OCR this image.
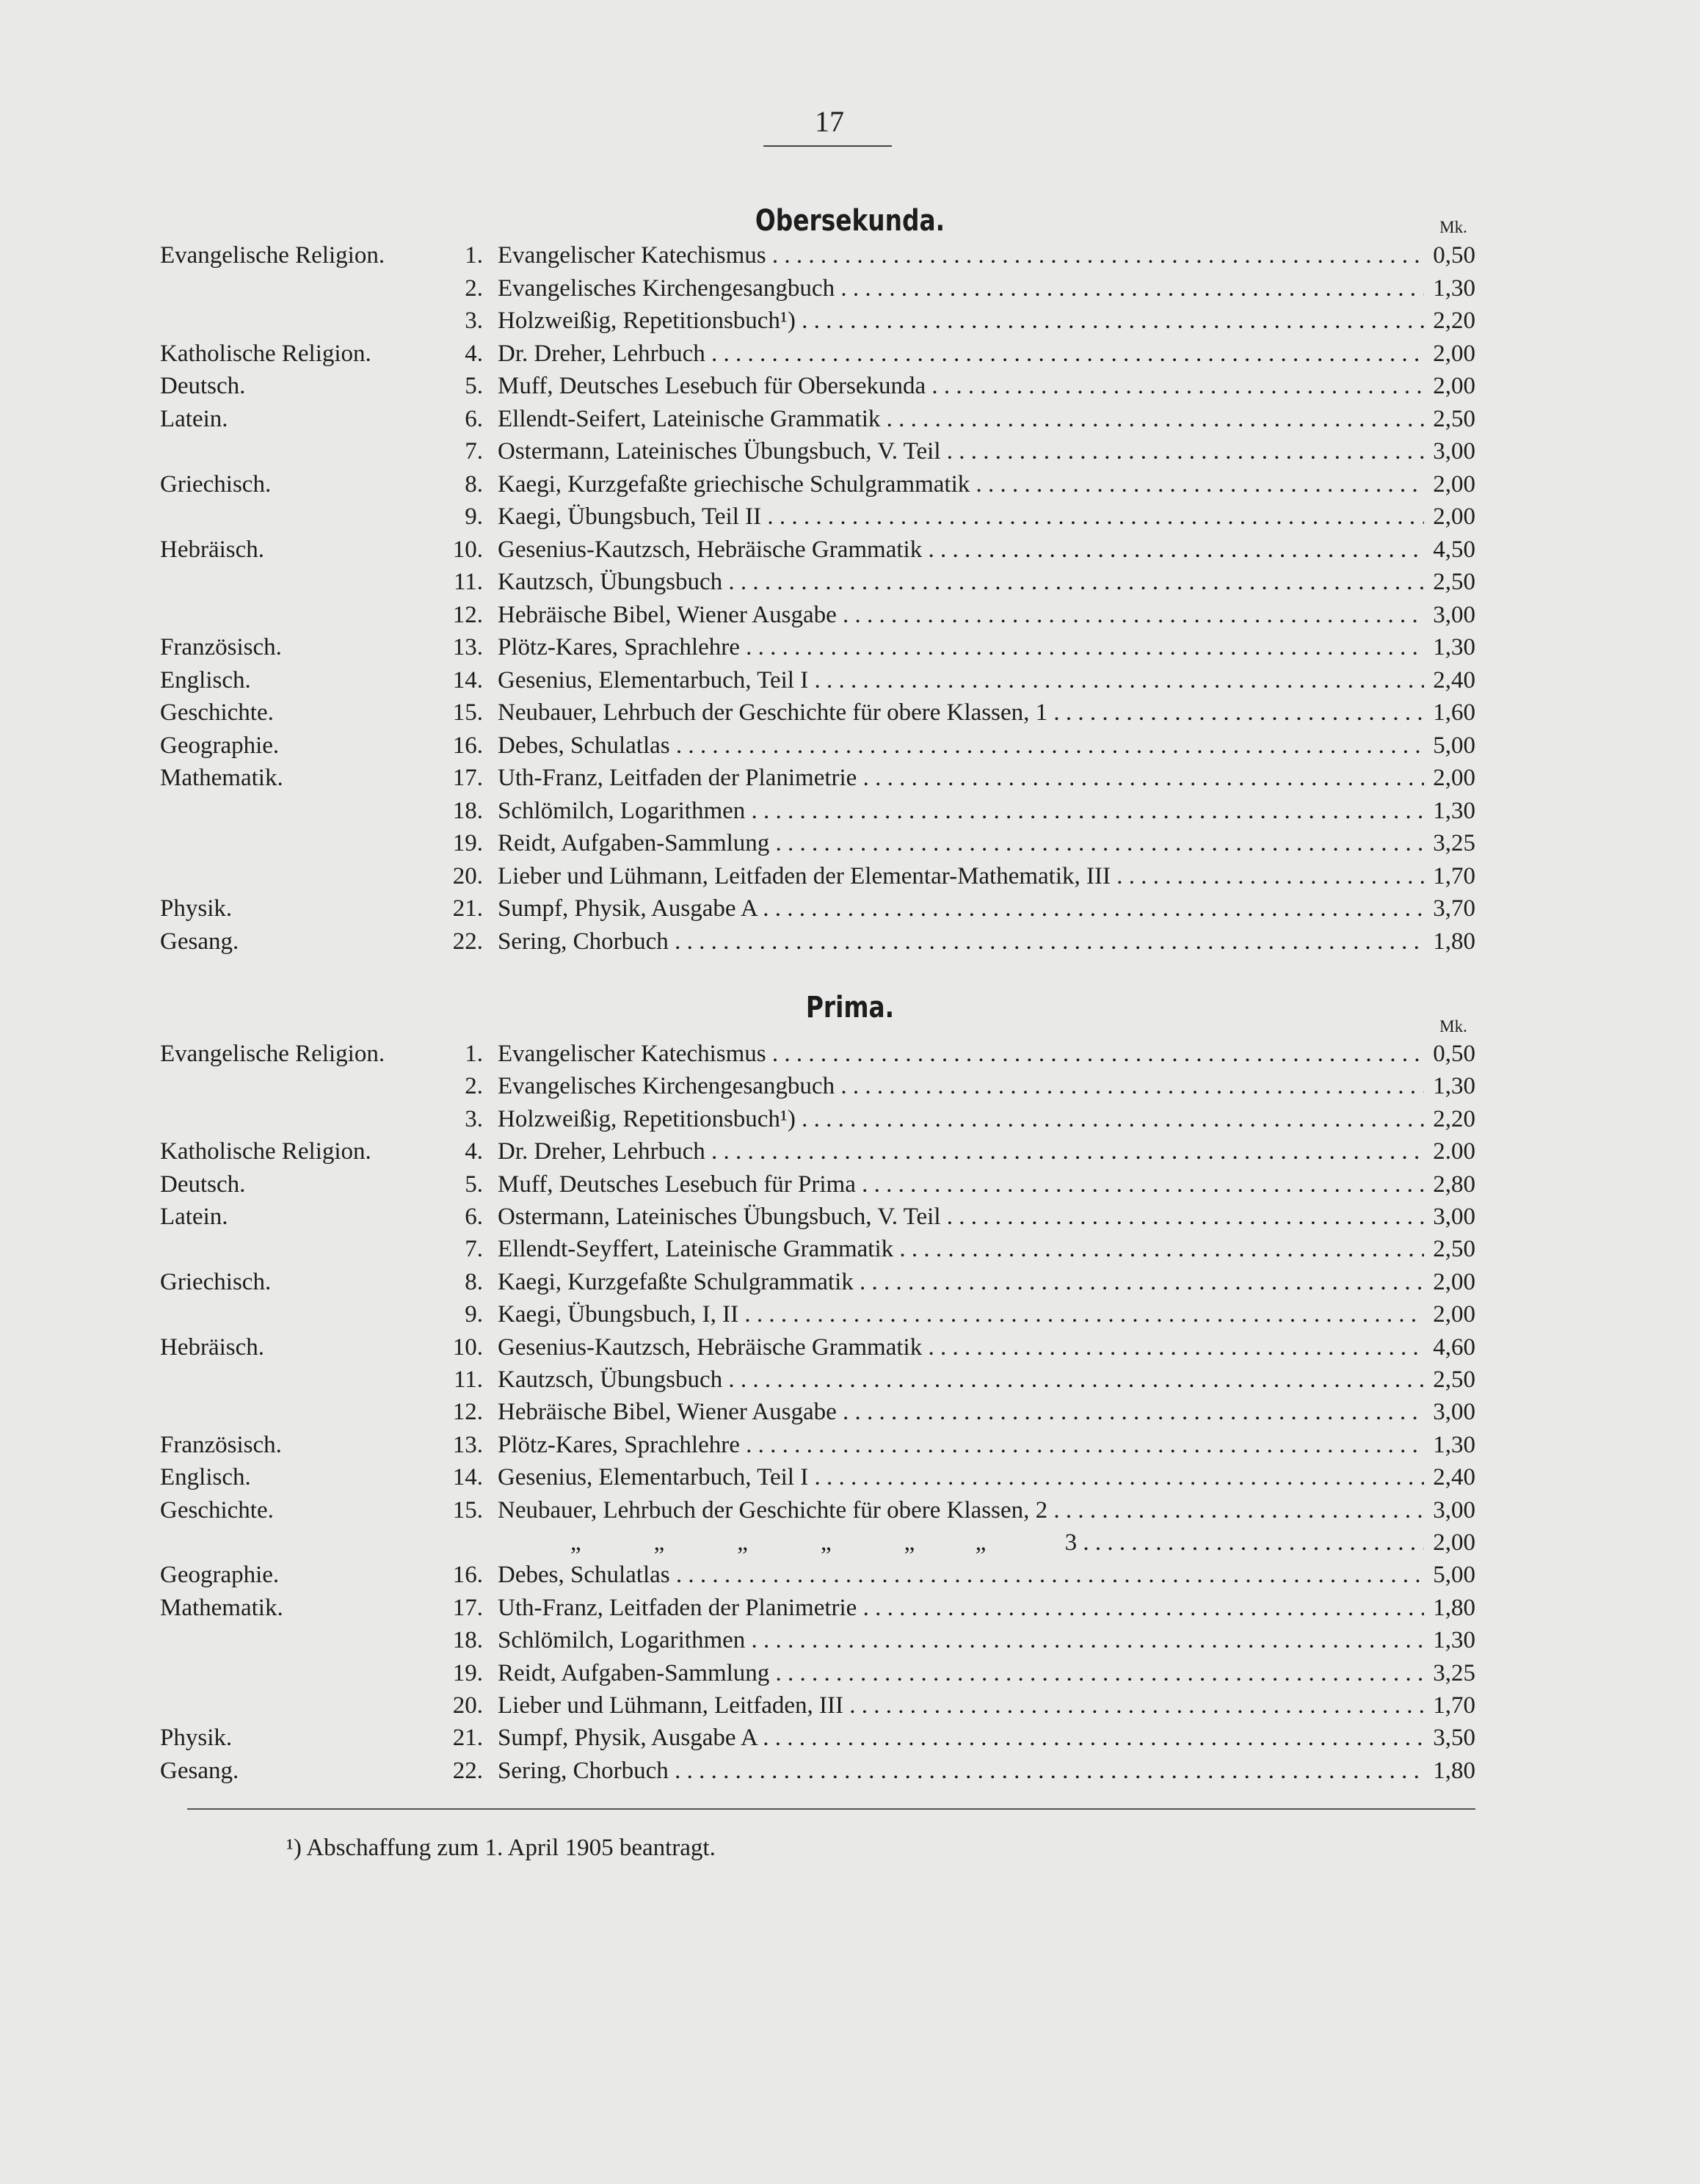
17
Obersekunda.	Mk.
Evangelische Religion.	1. Evangelischer Katechismus . . .	0,50
2. Evangelisches Kirchengesangbuch . . .	1,30
3. Holzweißig, Repetitionsbuch¹) . . .	2,20
Katholische Religion.	4. Dr. Dreher, Lehrbuch . . .	2,00
Deutsch.	5. Muff, Deutsches Lesebuch für Obersekunda . . .	2,00
Latein.	6. Ellendt-Seifert, Lateinische Grammatik . . .	2,50
7. Ostermann, Lateinisches Übungsbuch, V. Teil . . .	3,00
Griechisch.	8. Kaegi, Kurzgefaßte griechische Schulgrammatik . . .	2,00
9. Kaegi, Übungsbuch, Teil II . . .	2,00
Hebräisch.	10. Gesenius-Kautzsch, Hebräische Grammatik . . .	4,50
11. Kautzsch, Übungsbuch . . .	2,50
12. Hebräische Bibel, Wiener Ausgabe . . .	3,00
Französisch.	13. Plötz-Kares, Sprachlehre . . .	1,30
Englisch.	14. Gesenius, Elementarbuch, Teil I . . .	2,40
Geschichte.	15. Neubauer, Lehrbuch der Geschichte für obere Klassen, 1 . . .	1,60
Geographie.	16. Debes, Schulatlas . . .	5,00
Mathematik.	17. Uth-Franz, Leitfaden der Planimetrie . . .	2,00
18. Schlömilch, Logarithmen . . .	1,30
19. Reidt, Aufgaben-Sammlung . . .	3,25
20. Lieber und Lühmann, Leitfaden der Elementar-Mathematik, III . . .	1,70
Physik.	21. Sumpf, Physik, Ausgabe A . . .	3,70
Gesang.	22. Sering, Chorbuch . . .	1,80
Prima.
Mk.
Evangelische Religion.	1. Evangelischer Katechismus . . .	0,50
2. Evangelisches Kirchengesangbuch . . .	1,30
3. Holzweißig, Repetitionsbuch¹) . . .	2,20
Katholische Religion.	4. Dr. Dreher, Lehrbuch . . .	2.00
Deutsch.	5. Muff, Deutsches Lesebuch für Prima . . .	2,80
Latein.	6. Ostermann, Lateinisches Übungsbuch, V. Teil . . .	3,00
7. Ellendt-Seyffert, Lateinische Grammatik . . .	2,50
Griechisch.	8. Kaegi, Kurzgefaßte Schulgrammatik . . .	2,00
9. Kaegi, Übungsbuch, I, II . . .	2,00
Hebräisch.	10. Gesenius-Kautzsch, Hebräische Grammatik . . .	4,60
11. Kautzsch, Übungsbuch . . .	2,50
12. Hebräische Bibel, Wiener Ausgabe . . .	3,00
Französisch.	13. Plötz-Kares, Sprachlehre . . .	1,30
Englisch.	14. Gesenius, Elementarbuch, Teil I . . .	2,40
Geschichte.	15. Neubauer, Lehrbuch der Geschichte für obere Klassen, 2 . . .	3,00
„            „            „            „            „          „             3 . . .	2,00
Geographie.	16. Debes, Schulatlas . . .	5,00
Mathematik.	17. Uth-Franz, Leitfaden der Planimetrie . . .	1,80
18. Schlömilch, Logarithmen . . .	1,30
19. Reidt, Aufgaben-Sammlung . . .	3,25
20. Lieber und Lühmann, Leitfaden, III . . .	1,70
Physik.	21. Sumpf, Physik, Ausgabe A . . .	3,50
Gesang.	22. Sering, Chorbuch . . .	1,80
¹) Abschaffung zum 1. April 1905 beantragt.
